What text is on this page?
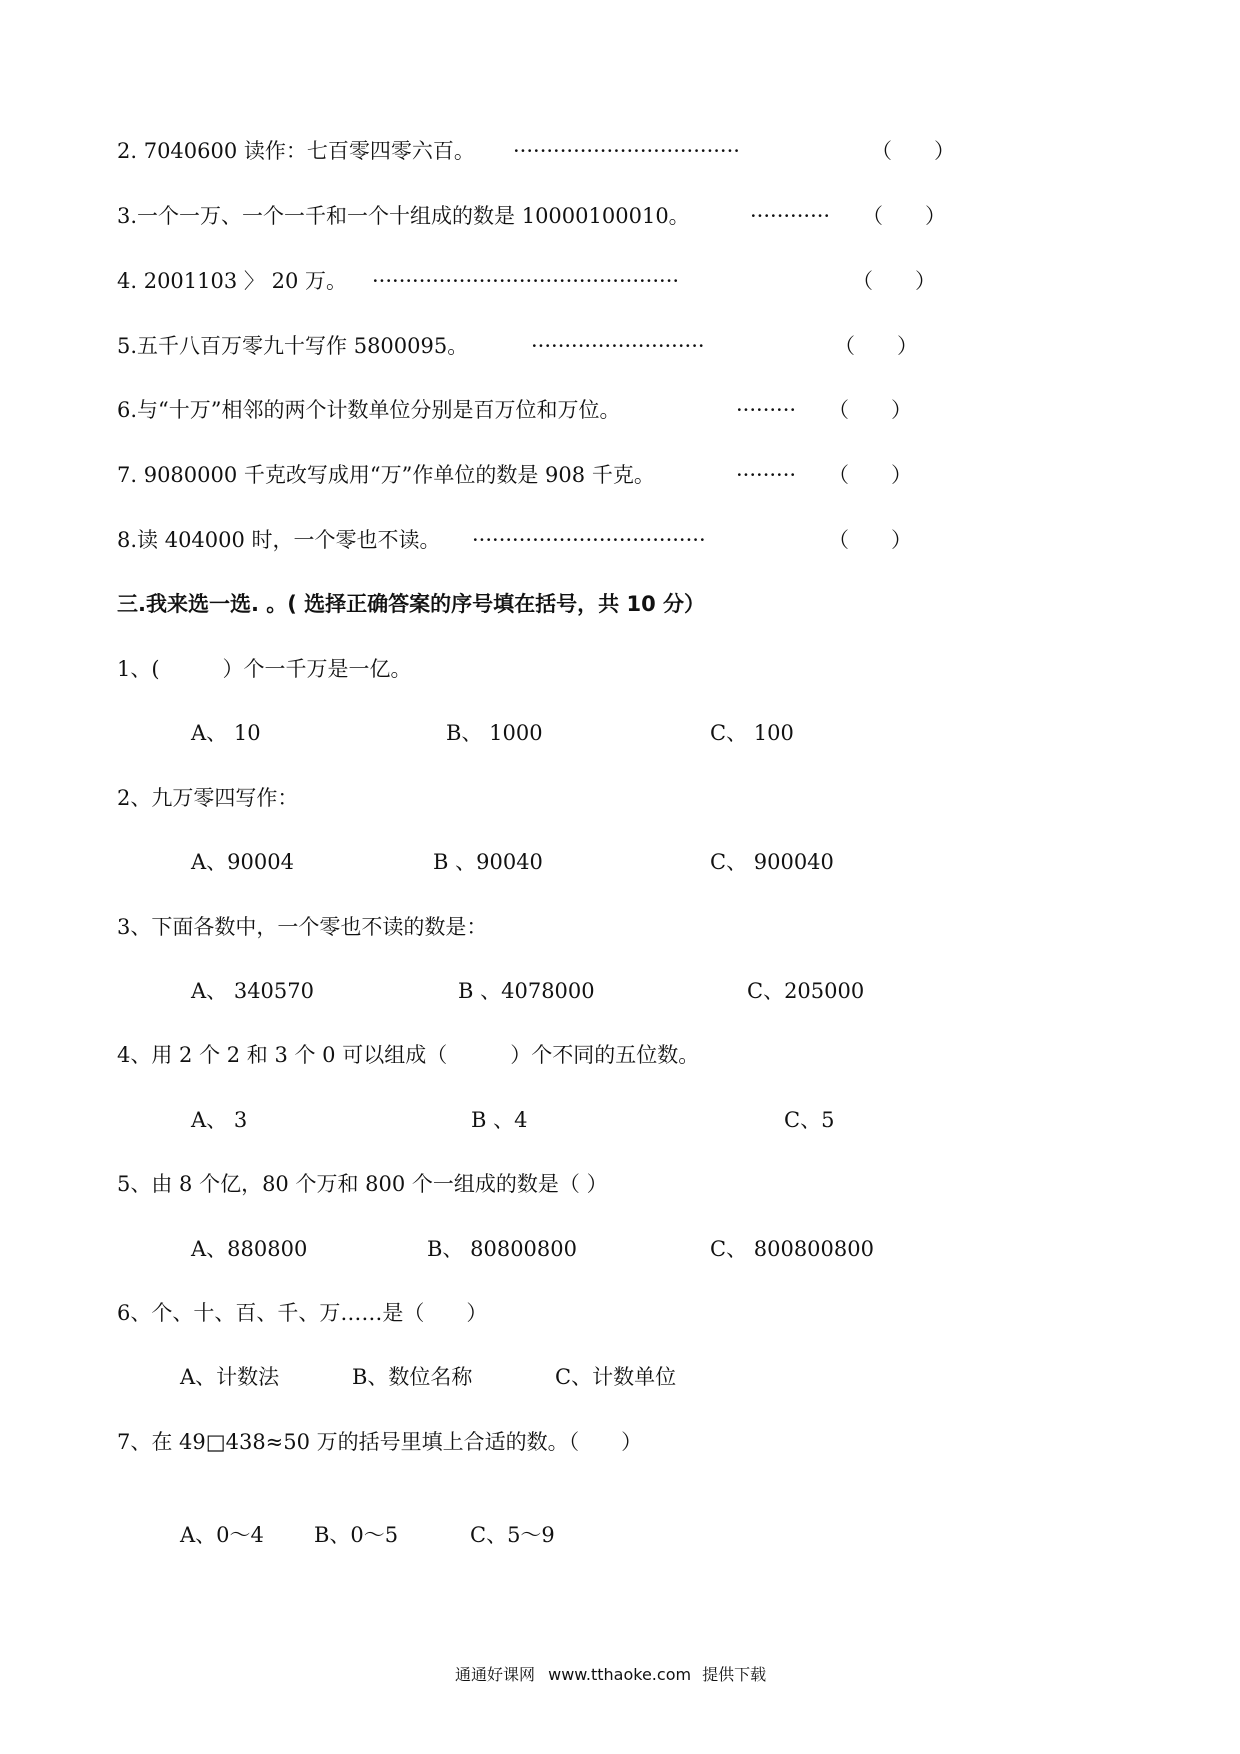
2. 7040600 读作：七百零四零六百。 ··································	（　　）
3.一个一万、一个一千和一个十组成的数是 10000100010。	············ （　　）
4. 2001103 〉 20 万。 ··············································	（　　）
5.五千八百万零九十写作 5800095。	··························	（　　）
6.与“十万”相邻的两个计数单位分别是百万位和万位。	········· （　　）
7. 9080000 千克改写成用“万”作单位的数是 908 千克。	········· （　　）
8.读 404000 时，一个零也不读。 ···································	（　　）
三.我来选一选. 。( 选择正确答案的序号填在括号，共 10 分）
1、(　　　）个一千万是一亿。
A、 10	B、 1000	C、 100
2、九万零四写作：
A、90004	B 、90040	C、 900040
3、下面各数中，一个零也不读的数是：
A、 340570	B 、4078000	C、205000
4、用 2 个 2 和 3 个 0 可以组成（　　　）个不同的五位数。
A、 3	B 、4	C、5
5、由 8 个亿，80 个万和 800 个一组成的数是（ ）
A、880800	B、 80800800	C、 800800800
6、个、十、百、千、万……是（　　）
A、计数法	B、数位名称	C、计数单位
7、在 49□438≈50 万的括号里填上合适的数。（　　）
A、0～4 B、0～5	C、5～9
通通好课网 www.tthaoke.com 提供下载
